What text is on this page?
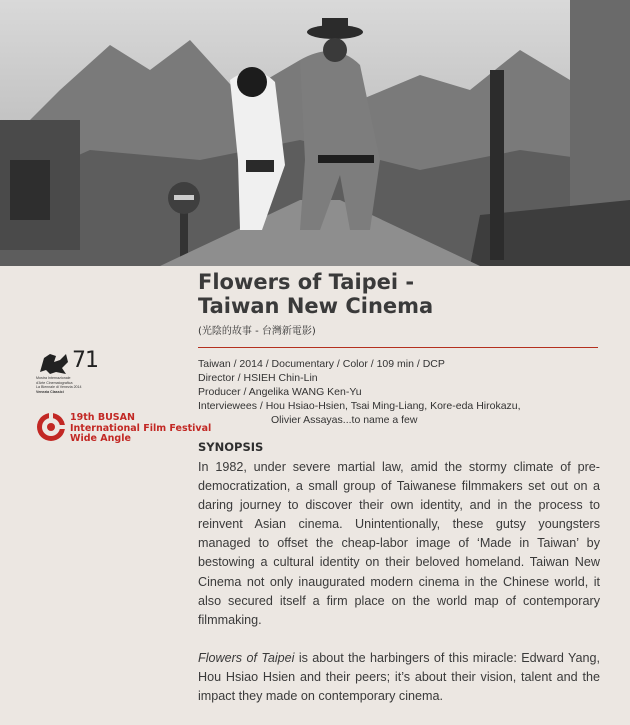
Flowers of Taipei -
Taiwan New Cinema
(光陰的故事 - 台灣新電影)
Taiwan / 2014 / Documentary / Color / 109 min / DCP
Director / HSIEH Chin-Lin
Producer / Angelika WANG Ken-Yu
Interviewees / Hou Hsiao-Hsien, Tsai Ming-Liang, Kore-eda Hirokazu,
Olivier Assayas...to name a few
SYNOPSIS

In 1982, under severe martial law, amid the stormy climate of pre-democratization, a small group of Taiwanese filmmakers set out on a daring journey to discover their own identity, and in the process to reinvent Asian cinema. Unintentionally, these gutsy youngsters managed to offset the cheap-labor image of ‘Made in Taiwan’ by bestowing a cultural identity on their beloved homeland. Taiwan New Cinema not only inaugurated modern cinema in the Chinese world, it also secured itself a firm place on the world map of contemporary filmmaking.

Flowers of Taipei is about the harbingers of this miracle: Edward Yang, Hou Hsiao Hsien and their peers; it’s about their vision, talent and the impact they made on contemporary cinema.

71
Mostra Internazionale
d'Arte Cinematografica
La Biennale di Venezia 2014
Venezia Classici
19th BUSAN
International Film Festival
Wide Angle
